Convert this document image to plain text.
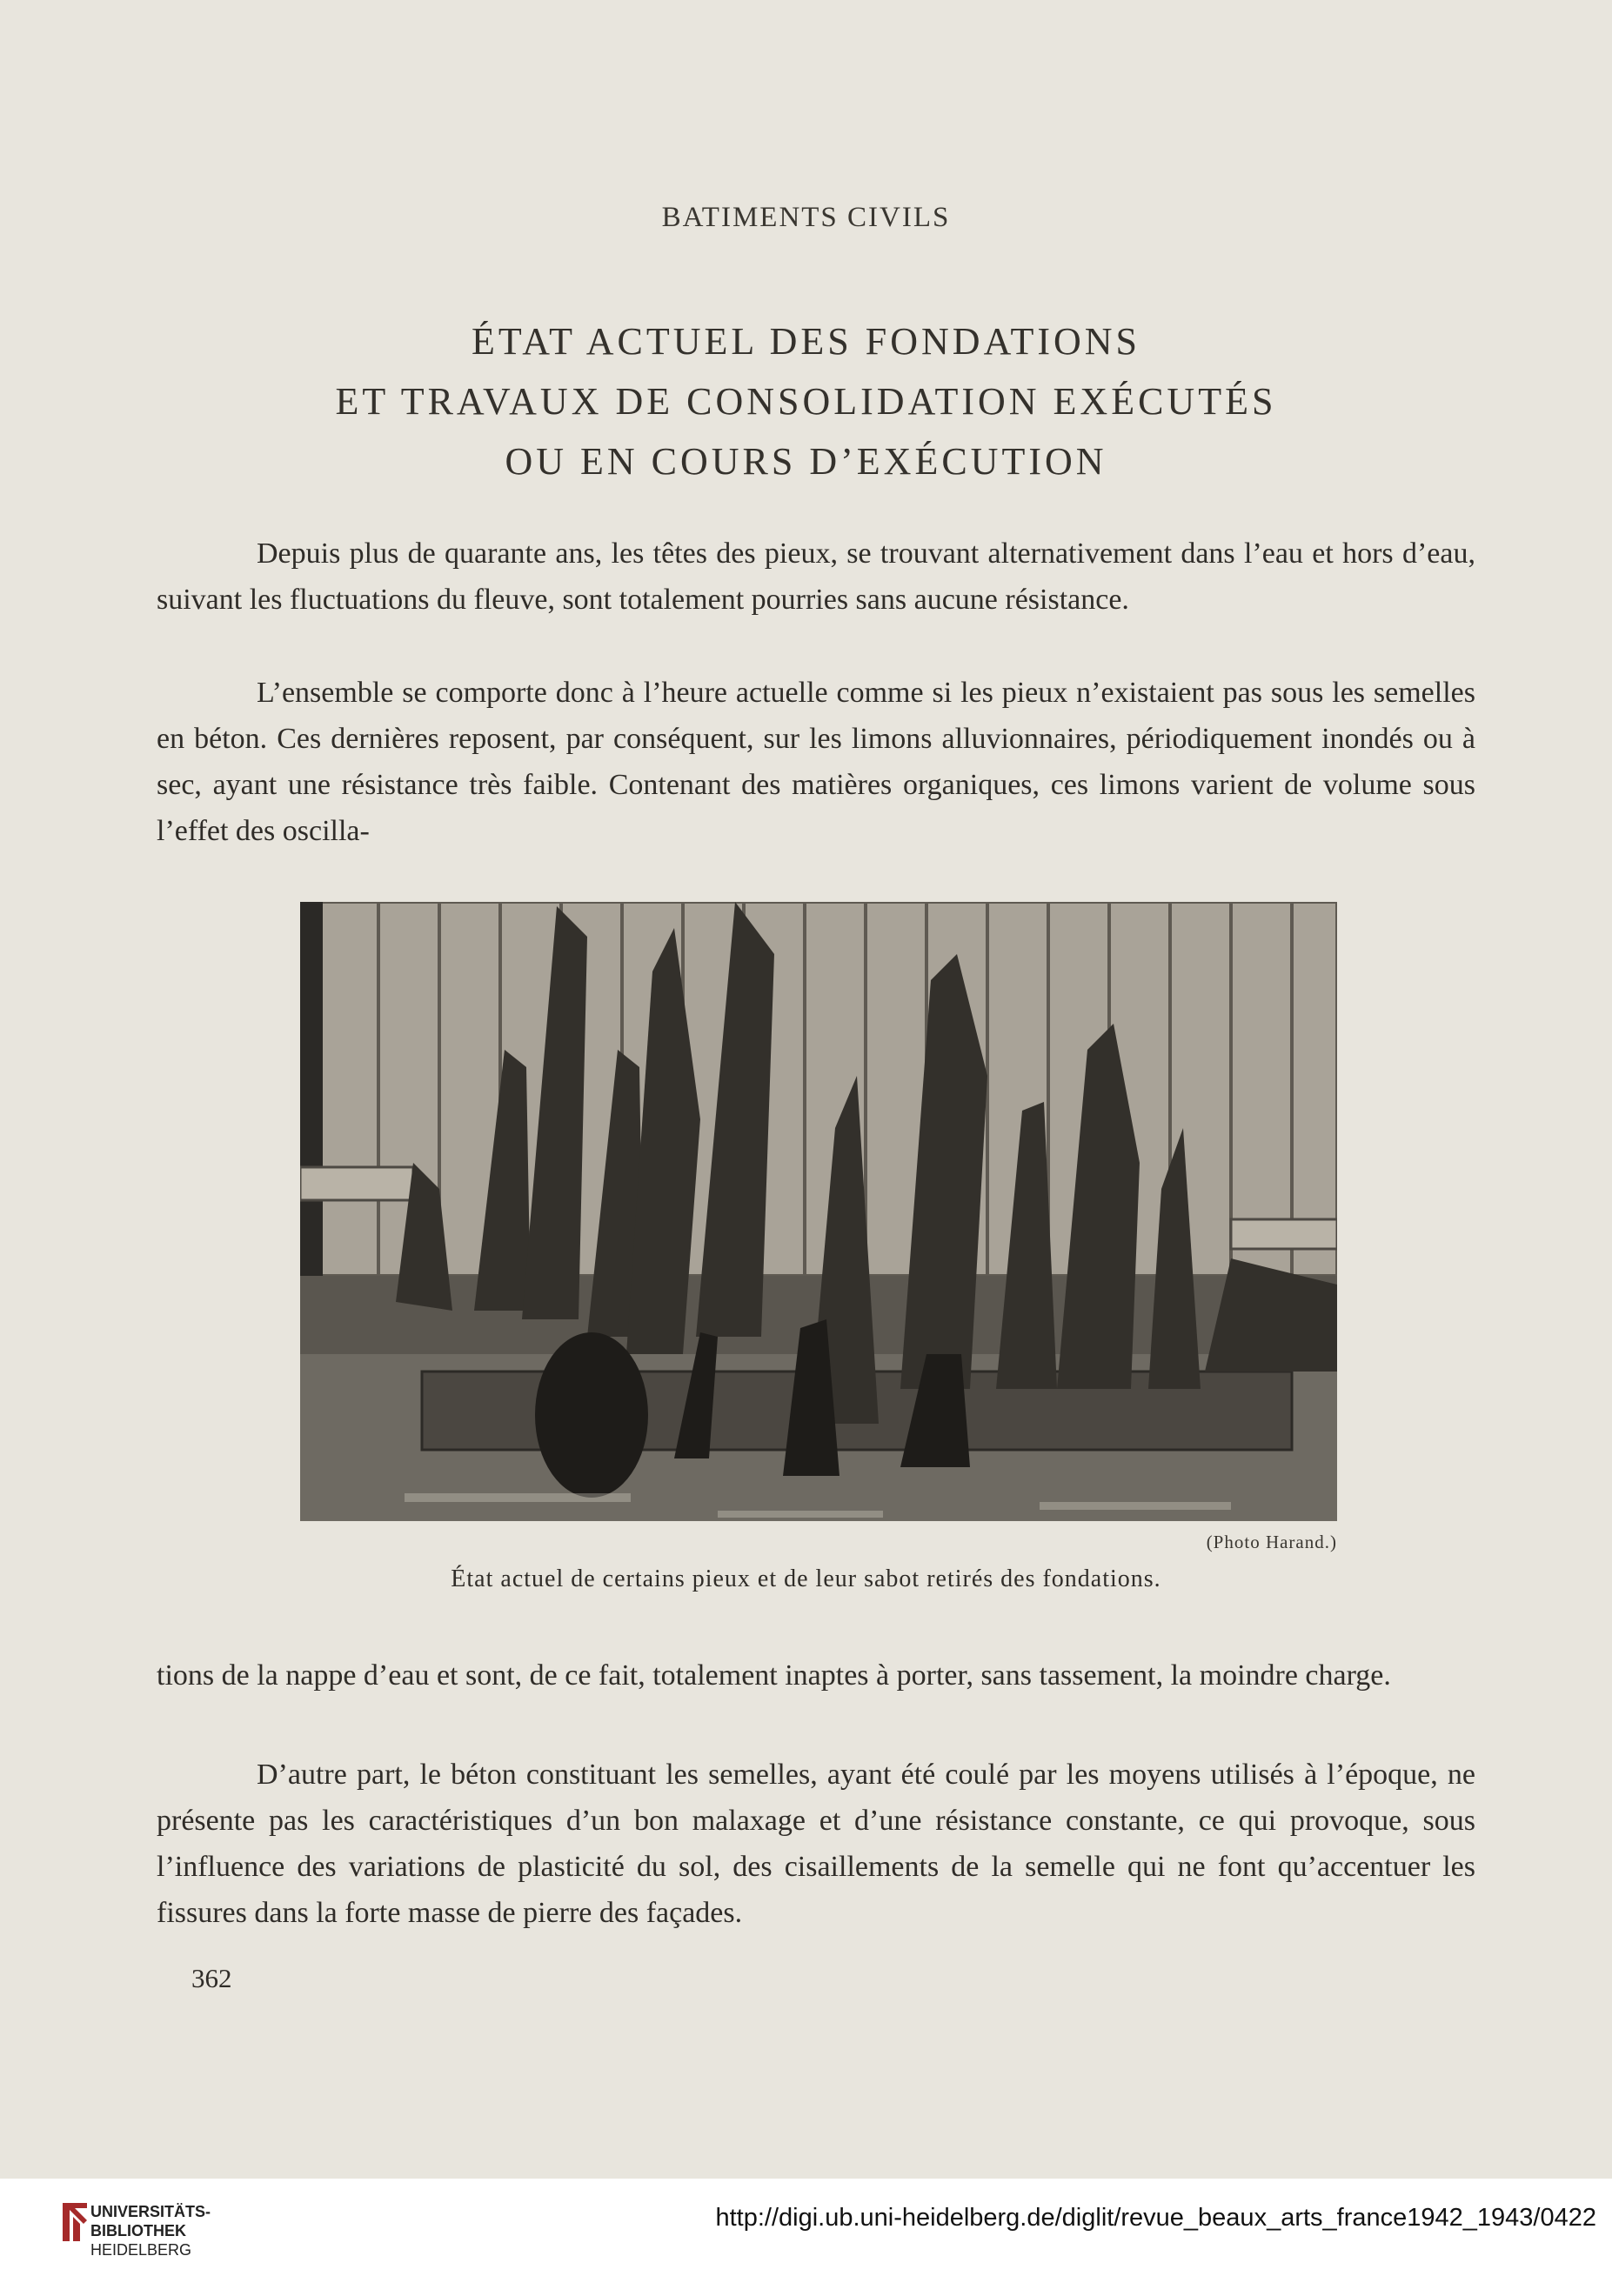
BATIMENTS CIVILS
ÉTAT ACTUEL DES FONDATIONS
ET TRAVAUX DE CONSOLIDATION EXÉCUTÉS
OU EN COURS D’EXÉCUTION
Depuis plus de quarante ans, les têtes des pieux, se trouvant alternativement dans l’eau et hors d’eau, suivant les fluctuations du fleuve, sont totalement pourries sans aucune résistance.
L’ensemble se comporte donc à l’heure actuelle comme si les pieux n’existaient pas sous les semelles en béton. Ces dernières reposent, par conséquent, sur les limons alluvionnaires, périodiquement inondés ou à sec, ayant une résistance très faible. Contenant des matières organiques, ces limons varient de volume sous l’effet des oscilla-
(Photo Harand.)
État actuel de certains pieux et de leur sabot retirés des fondations.
tions de la nappe d’eau et sont, de ce fait, totalement inaptes à porter, sans tassement, la moindre charge.
D’autre part, le béton constituant les semelles, ayant été coulé par les moyens utilisés à l’époque, ne présente pas les caractéristiques d’un bon malaxage et d’une résistance constante, ce qui provoque, sous l’influence des variations de plasticité du sol, des cisaillements de la semelle qui ne font qu’accentuer les fissures dans la forte masse de pierre des façades.
362
UNIVERSITÄTS-
BIBLIOTHEK
HEIDELBERG
http://digi.ub.uni-heidelberg.de/diglit/revue_beaux_arts_france1942_1943/0422
